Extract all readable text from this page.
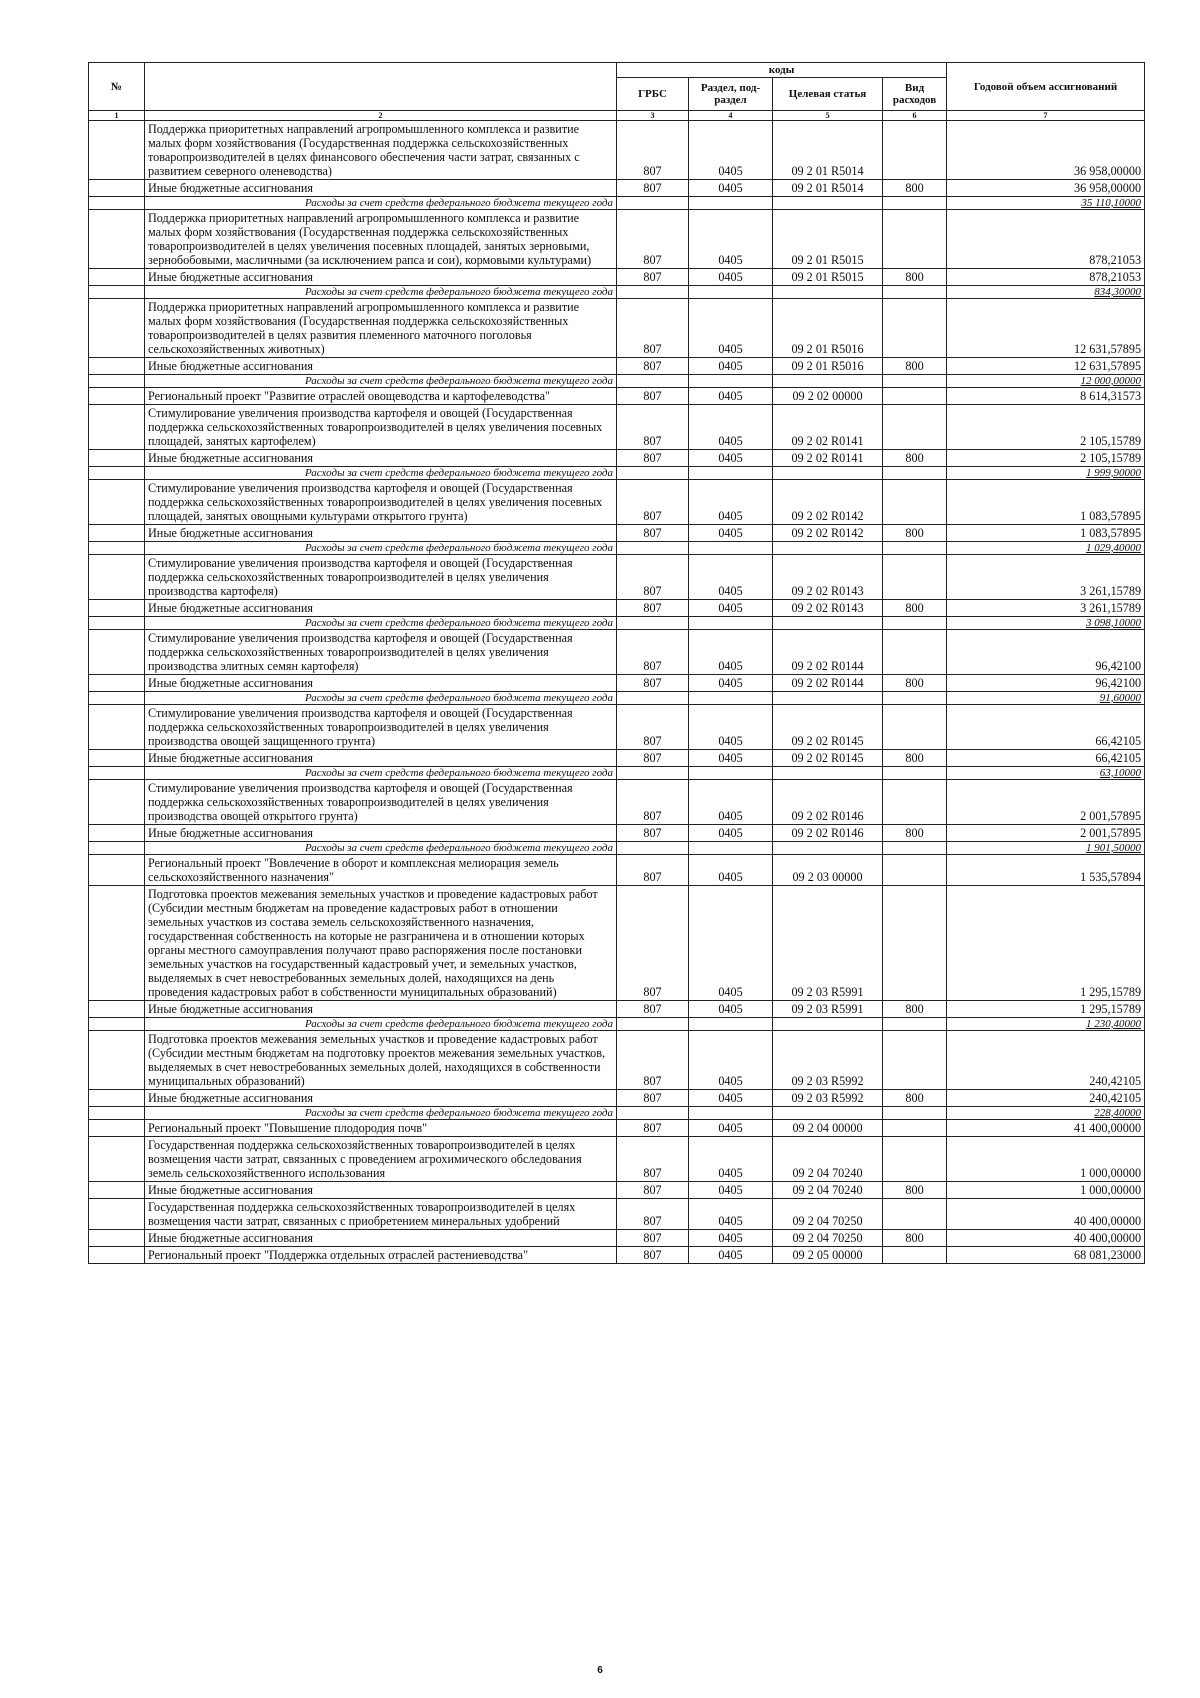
№		коды				Годовой объем ассигнований
		ГРБС	Раздел, под-раздел	Целевая статья	Вид расходов	
1	2	3	4	5	6	7
	Поддержка приоритетных направлений агропромышленного комплекса и развитие малых форм хозяйствования (Государственная поддержка сельскохозяйственных товаропроизводителей в целях финансового обеспечения части затрат, связанных с развитием северного оленеводства)	807	0405	09 2 01 R5014		36 958,00000
	Иные бюджетные ассигнования	807	0405	09 2 01 R5014	800	36 958,00000
	Расходы за счет средств федерального бюджета текущего года					35 110,10000
	Поддержка приоритетных направлений агропромышленного комплекса и развитие малых форм хозяйствования (Государственная поддержка сельскохозяйственных товаропроизводителей в целях увеличения посевных площадей, занятых зерновыми, зернобобовыми, масличными (за исключением рапса и сои), кормовыми культурами)	807	0405	09 2 01 R5015		878,21053
	Иные бюджетные ассигнования	807	0405	09 2 01 R5015	800	878,21053
	Расходы за счет средств федерального бюджета текущего года					834,30000
	Поддержка приоритетных направлений агропромышленного комплекса и развитие малых форм хозяйствования (Государственная поддержка сельскохозяйственных товаропроизводителей в целях развития племенного маточного поголовья сельскохозяйственных животных)	807	0405	09 2 01 R5016		12 631,57895
	Иные бюджетные ассигнования	807	0405	09 2 01 R5016	800	12 631,57895
	Расходы за счет средств федерального бюджета текущего года					12 000,00000
	Региональный проект "Развитие отраслей овощеводства и картофелеводства"	807	0405	09 2 02 00000		8 614,31573
	Стимулирование увеличения производства картофеля и овощей (Государственная поддержка сельскохозяйственных товаропроизводителей в целях увеличения посевных площадей, занятых картофелем)	807	0405	09 2 02 R0141		2 105,15789
	Иные бюджетные ассигнования	807	0405	09 2 02 R0141	800	2 105,15789
	Расходы за счет средств федерального бюджета текущего года					1 999,90000
	Стимулирование увеличения производства картофеля и овощей (Государственная поддержка сельскохозяйственных товаропроизводителей в целях увеличения посевных площадей, занятых овощными культурами открытого грунта)	807	0405	09 2 02 R0142		1 083,57895
	Иные бюджетные ассигнования	807	0405	09 2 02 R0142	800	1 083,57895
	Расходы за счет средств федерального бюджета текущего года					1 029,40000
	Стимулирование увеличения производства картофеля и овощей (Государственная поддержка сельскохозяйственных товаропроизводителей в целях увеличения производства картофеля)	807	0405	09 2 02 R0143		3 261,15789
	Иные бюджетные ассигнования	807	0405	09 2 02 R0143	800	3 261,15789
	Расходы за счет средств федерального бюджета текущего года					3 098,10000
	Стимулирование увеличения производства картофеля и овощей (Государственная поддержка сельскохозяйственных товаропроизводителей в целях увеличения производства элитных семян картофеля)	807	0405	09 2 02 R0144		96,42100
	Иные бюджетные ассигнования	807	0405	09 2 02 R0144	800	96,42100
	Расходы за счет средств федерального бюджета текущего года					91,60000
	Стимулирование увеличения производства картофеля и овощей (Государственная поддержка сельскохозяйственных товаропроизводителей в целях увеличения производства овощей защищенного грунта)	807	0405	09 2 02 R0145		66,42105
	Иные бюджетные ассигнования	807	0405	09 2 02 R0145	800	66,42105
	Расходы за счет средств федерального бюджета текущего года					63,10000
	Стимулирование увеличения производства картофеля и овощей (Государственная поддержка сельскохозяйственных товаропроизводителей в целях увеличения производства овощей открытого грунта)	807	0405	09 2 02 R0146		2 001,57895
	Иные бюджетные ассигнования	807	0405	09 2 02 R0146	800	2 001,57895
	Расходы за счет средств федерального бюджета текущего года					1 901,50000
	Региональный проект "Вовлечение в оборот и комплексная мелиорация земель сельскохозяйственного назначения"	807	0405	09 2 03 00000		1 535,57894
	Подготовка проектов межевания земельных участков и проведение кадастровых работ (Субсидии местным бюджетам на проведение кадастровых работ в отношении земельных участков из состава земель сельскохозяйственного назначения, государственная собственность на которые не разграничена и в отношении которых органы местного самоуправления получают право распоряжения после постановки земельных участков на государственный кадастровый учет, и земельных участков, выделяемых в счет невостребованных земельных долей, находящихся на день проведения кадастровых работ в собственности муниципальных образований)	807	0405	09 2 03 R5991		1 295,15789
	Иные бюджетные ассигнования	807	0405	09 2 03 R5991	800	1 295,15789
	Расходы за счет средств федерального бюджета текущего года					1 230,40000
	Подготовка проектов межевания земельных участков и проведение кадастровых работ (Субсидии местным бюджетам на подготовку проектов межевания земельных участков, выделяемых в счет невостребованных земельных долей, находящихся в собственности муниципальных образований)	807	0405	09 2 03 R5992		240,42105
	Иные бюджетные ассигнования	807	0405	09 2 03 R5992	800	240,42105
	Расходы за счет средств федерального бюджета текущего года					228,40000
	Региональный проект "Повышение плодородия почв"	807	0405	09 2 04 00000		41 400,00000
	Государственная поддержка сельскохозяйственных товаропроизводителей в целях возмещения части затрат, связанных с проведением агрохимического обследования земель сельскохозяйственного использования	807	0405	09 2 04 70240		1 000,00000
	Иные бюджетные ассигнования	807	0405	09 2 04 70240	800	1 000,00000
	Государственная поддержка сельскохозяйственных товаропроизводителей в целях возмещения части затрат, связанных с приобретением минеральных удобрений	807	0405	09 2 04 70250		40 400,00000
	Иные бюджетные ассигнования	807	0405	09 2 04 70250	800	40 400,00000
	Региональный проект "Поддержка отдельных отраслей растениеводства"	807	0405	09 2 05 00000		68 081,23000
6
